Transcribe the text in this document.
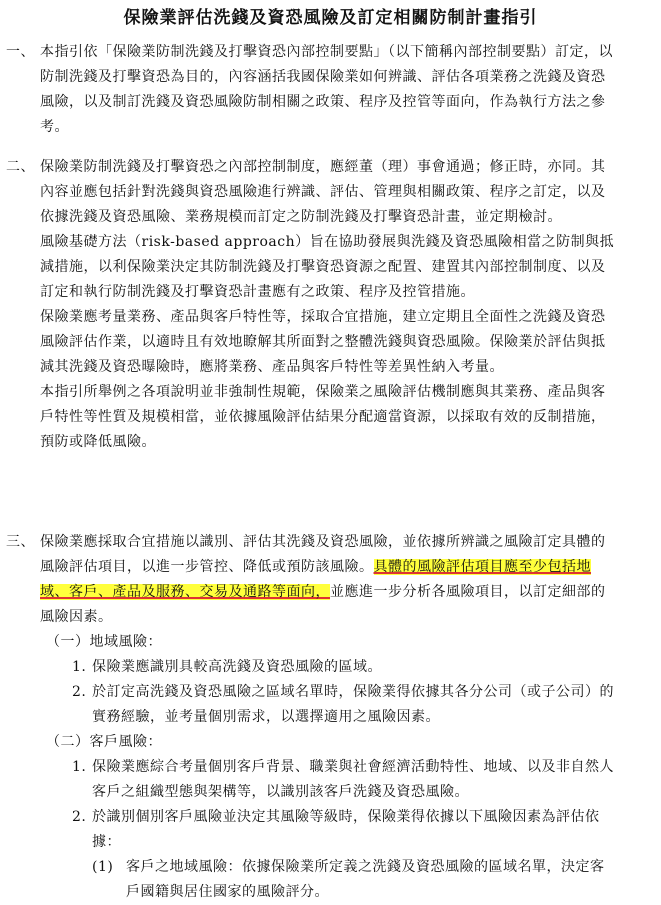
保險業評估洗錢及資恐風險及訂定相關防制計畫指引
一、 本指引依「保險業防制洗錢及打擊資恐內部控制要點」（以下簡稱內部控制要點）訂定，以防制洗錢及打擊資恐為目的，內容涵括我國保險業如何辨識、評估各項業務之洗錢及資恐風險，以及制訂洗錢及資恐風險防制相關之政策、程序及控管等面向，作為執行方法之參考。
二、 保險業防制洗錢及打擊資恐之內部控制制度，應經董（理）事會通過；修正時，亦同。其內容並應包括針對洗錢與資恐風險進行辨識、評估、管理與相關政策、程序之訂定，以及依據洗錢及資恐風險、業務規模而訂定之防制洗錢及打擊資恐計畫，並定期檢討。
風險基礎方法（risk-based approach）旨在協助發展與洗錢及資恐風險相當之防制與抵減措施，以利保險業決定其防制洗錢及打擊資恐資源之配置、建置其內部控制制度、以及訂定和執行防制洗錢及打擊資恐計畫應有之政策、程序及控管措施。
保險業應考量業務、產品與客戶特性等，採取合宜措施，建立定期且全面性之洗錢及資恐風險評估作業，以適時且有效地瞭解其所面對之整體洗錢與資恐風險。保險業於評估與抵減其洗錢及資恐曝險時，應將業務、產品與客戶特性等差異性納入考量。
本指引所舉例之各項說明並非強制性規範，保險業之風險評估機制應與其業務、產品與客戶特性等性質及規模相當，並依據風險評估結果分配適當資源，以採取有效的反制措施，預防或降低風險。
三、 保險業應採取合宜措施以識別、評估其洗錢及資恐風險，並依據所辨識之風險訂定具體的風險評估項目，以進一步管控、降低或預防該風險。具體的風險評估項目應至少包括地域、客戶、產品及服務、交易及通路等面向，並應進一步分析各風險項目，以訂定細部的風險因素。
（一）地域風險：
1. 保險業應識別具較高洗錢及資恐風險的區域。
2. 於訂定高洗錢及資恐風險之區域名單時，保險業得依據其各分公司（或子公司）的實務經驗，並考量個別需求，以選擇適用之風險因素。
（二）客戶風險：
1. 保險業應綜合考量個別客戶背景、職業與社會經濟活動特性、地域、以及非自然人客戶之組織型態與架構等，以識別該客戶洗錢及資恐風險。
2. 於識別個別客戶風險並決定其風險等級時，保險業得依據以下風險因素為評估依據：
(1) 客戶之地域風險：依據保險業所定義之洗錢及資恐風險的區域名單，決定客戶國籍與居住國家的風險評分。
